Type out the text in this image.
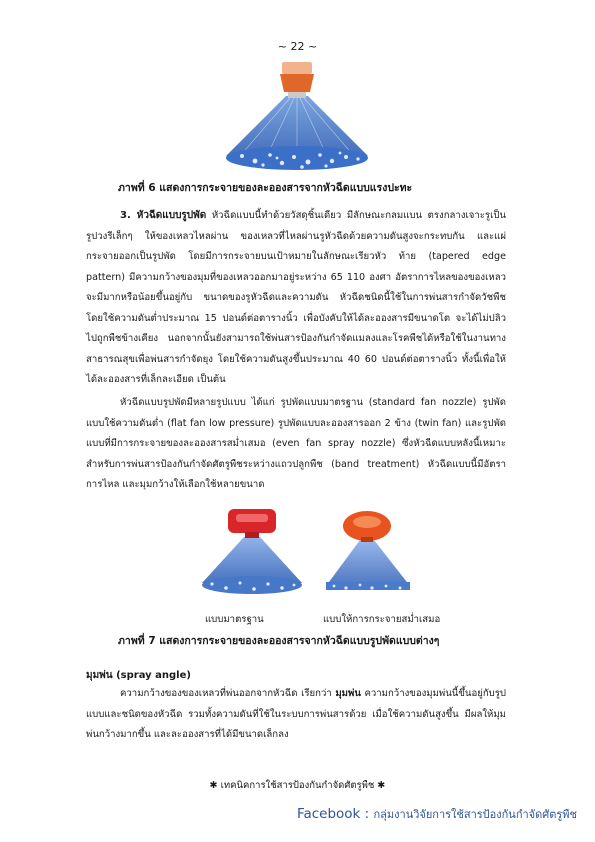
~ 22 ~
ภาพที่ 6 แสดงการกระจายของละอองสารจากหัวฉีดแบบแรงปะทะ
3. หัวฉีดแบบรูปพัด หัวฉีดแบบนี้ทำด้วยวัสดุชิ้นเดียว มีลักษณะกลมแบน ตรงกลางเจาะรูเป็นรูปวงรีเล็กๆ ให้ของเหลวไหลผ่าน ของเหลวที่ไหลผ่านรูหัวฉีดด้วยความดันสูงจะกระทบกัน และแผ่กระจายออกเป็นรูปพัด โดยมีการกระจายบนเป้าหมายในลักษณะเรียวหัว ท้าย (tapered edge pattern) มีความกว้างของมุมที่ของเหลวออกมาอยู่ระหว่าง 65 110 องศา อัตราการไหลของของเหลวจะมีมากหรือน้อยขึ้นอยู่กับ ขนาดของรูหัวฉีดและความดัน หัวฉีดชนิดนี้ใช้ในการพ่นสารกำจัดวัชพืช โดยใช้ความดันต่ำประมาณ 15 ปอนด์ต่อตารางนิ้ว เพื่อบังคับให้ได้ละอองสารมีขนาดโต จะได้ไม่ปลิวไปถูกพืชข้างเคียง นอกจากนั้นยังสามารถใช้พ่นสารป้องกันกำจัดแมลงและโรคพืชได้หรือใช้ในงานทางสาธารณสุขเพื่อพ่นสารกำจัดยุง โดยใช้ความดันสูงขึ้นประมาณ 40 60 ปอนด์ต่อตารางนิ้ว ทั้งนี้เพื่อให้ได้ละอองสารที่เล็กละเอียด เป็นต้น
หัวฉีดแบบรูปพัดมีหลายรูปแบบ ได้แก่ รูปพัดแบบมาตรฐาน (standard fan nozzle) รูปพัดแบบใช้ความดันต่ำ (flat fan low pressure) รูปพัดแบบละอองสารออก 2 ข้าง (twin fan) และรูปพัดแบบที่มีการกระจายของละอองสารสม่ำเสมอ (even fan spray nozzle) ซึ่งหัวฉีดแบบหลังนี้เหมาะสำหรับการพ่นสารป้องกันกำจัดศัตรูพืชระหว่างแถวปลูกพืช (band treatment) หัวฉีดแบบนี้มีอัตราการไหล และมุมกว้างให้เลือกใช้หลายขนาด
แบบมาตรฐาน	แบบให้การกระจายสม่ำเสมอ
ภาพที่ 7 แสดงการกระจายของละอองสารจากหัวฉีดแบบรูปพัดแบบต่างๆ
มุมพ่น (spray angle)
ความกว้างของของเหลวที่พ่นออกจากหัวฉีด เรียกว่า มุมพ่น ความกว้างของมุมพ่นนี้ขึ้นอยู่กับรูปแบบและชนิดของหัวฉีด รวมทั้งความดันที่ใช้ในระบบการพ่นสารด้วย เมื่อใช้ความดันสูงขึ้น มีผลให้มุมพ่นกว้างมากขึ้น และละอองสารที่ได้มีขนาดเล็กลง
✱ เทคนิคการใช้สารป้องกันกำจัดศัตรูพืช ✱
Facebook : กลุ่มงานวิจัยการใช้สารป้องกันกำจัดศัตรูพืช
